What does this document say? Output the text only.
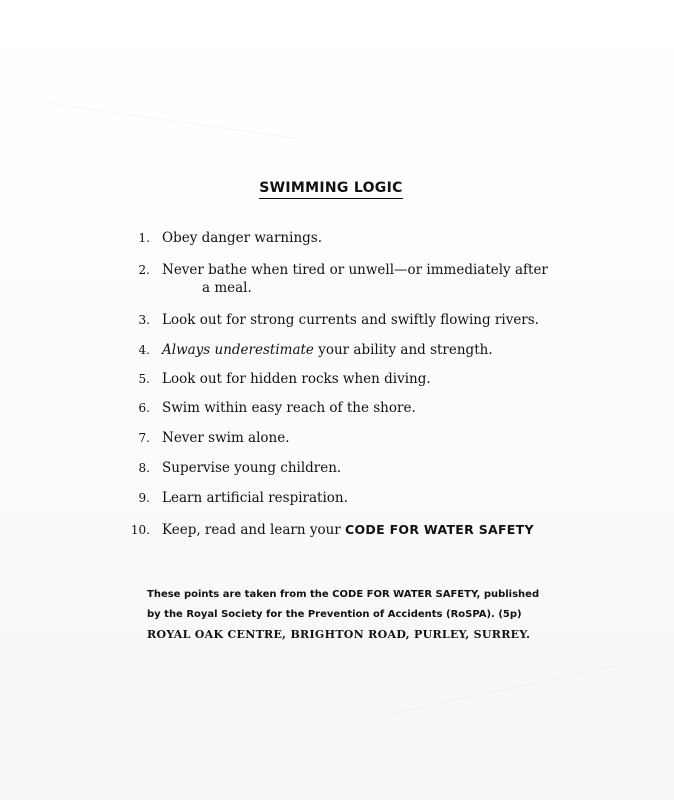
SWIMMING LOGIC
1. Obey danger warnings.
2. Never bathe when tired or unwell—or immediately after
a meal.
3. Look out for strong currents and swiftly flowing rivers.
4. Always underestimate your ability and strength.
5. Look out for hidden rocks when diving.
6. Swim within easy reach of the shore.
7. Never swim alone.
8. Supervise young children.
9. Learn artificial respiration.
10. Keep, read and learn your CODE FOR WATER SAFETY
These points are taken from the CODE FOR WATER SAFETY, published
by the Royal Society for the Prevention of Accidents (RoSPA). (5p)
ROYAL OAK CENTRE, BRIGHTON ROAD, PURLEY, SURREY.
